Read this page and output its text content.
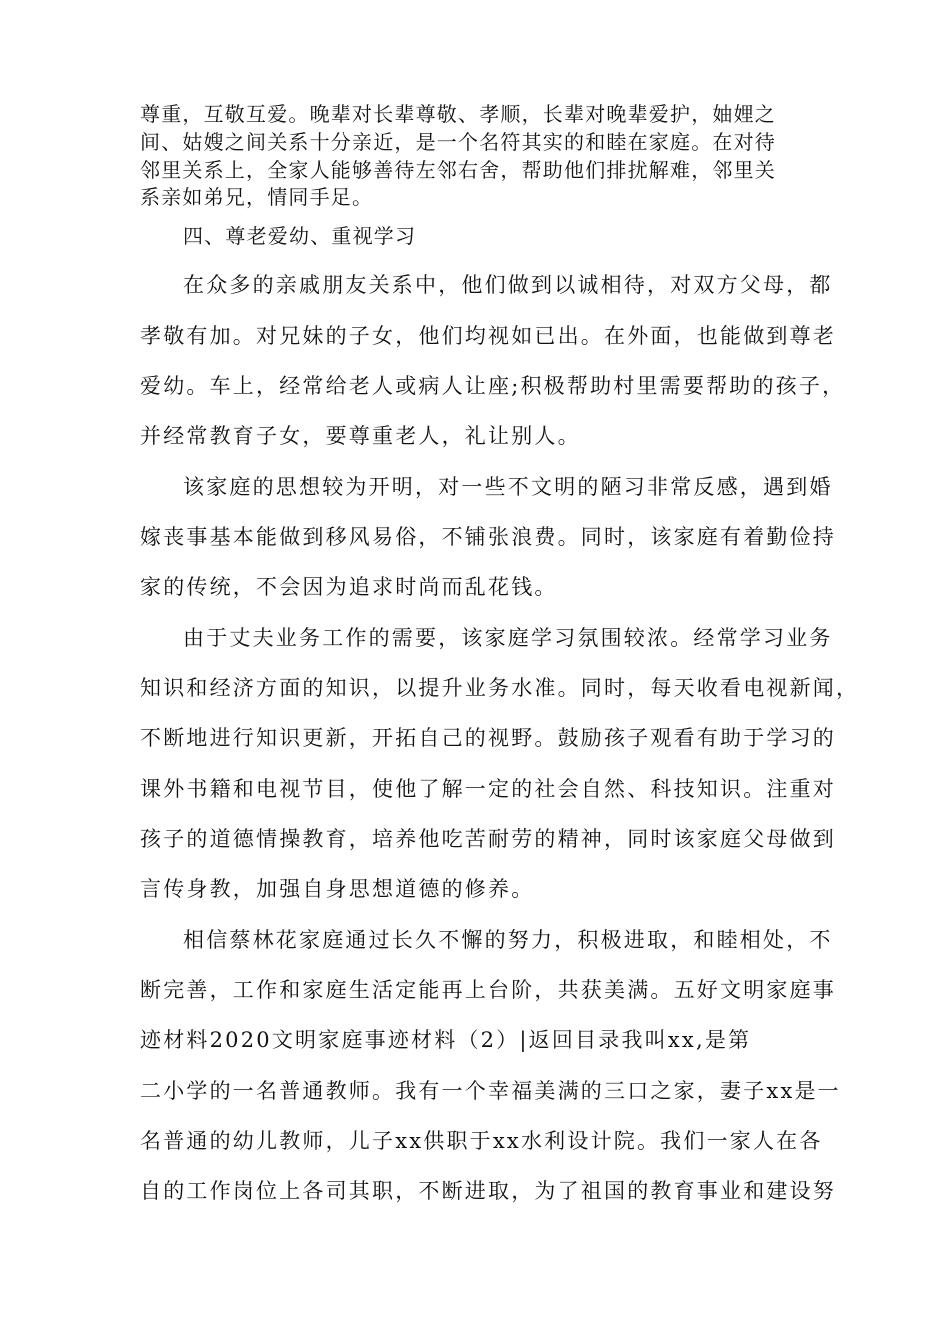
尊重，互敬互爱。晚辈对长辈尊敬、孝顺，长辈对晚辈爱护，妯娌之
间、姑嫂之间关系十分亲近，是一个名符其实的和睦在家庭。在对待
邻里关系上，全家人能够善待左邻右舍，帮助他们排扰解难，邻里关
系亲如弟兄，情同手足。
四、尊老爱幼、重视学习
在众多的亲戚朋友关系中，他们做到以诚相待，对双方父母，都
孝敬有加。对兄妹的子女，他们均视如已出。在外面，也能做到尊老
爱幼。车上，经常给老人或病人让座;积极帮助村里需要帮助的孩子，
并经常教育子女，要尊重老人，礼让别人。
该家庭的思想较为开明，对一些不文明的陋习非常反感，遇到婚
嫁丧事基本能做到移风易俗，不铺张浪费。同时，该家庭有着勤俭持
家的传统，不会因为追求时尚而乱花钱。
由于丈夫业务工作的需要，该家庭学习氛围较浓。经常学习业务
知识和经济方面的知识，以提升业务水准。同时，每天收看电视新闻，
不断地进行知识更新，开拓自己的视野。鼓励孩子观看有助于学习的
课外书籍和电视节目，使他了解一定的社会自然、科技知识。注重对
孩子的道德情操教育，培养他吃苦耐劳的精神，同时该家庭父母做到
言传身教，加强自身思想道德的修养。
相信蔡林花家庭通过长久不懈的努力，积极进取，和睦相处，不
断完善，工作和家庭生活定能再上台阶，共获美满。五好文明家庭事
迹材料2020文明家庭事迹材料（2）|返回目录我叫xx,是第
二小学的一名普通教师。我有一个幸福美满的三口之家，妻子xx是一
名普通的幼儿教师，儿子xx供职于xx水利设计院。我们一家人在各
自的工作岗位上各司其职，不断进取，为了祖国的教育事业和建设努
